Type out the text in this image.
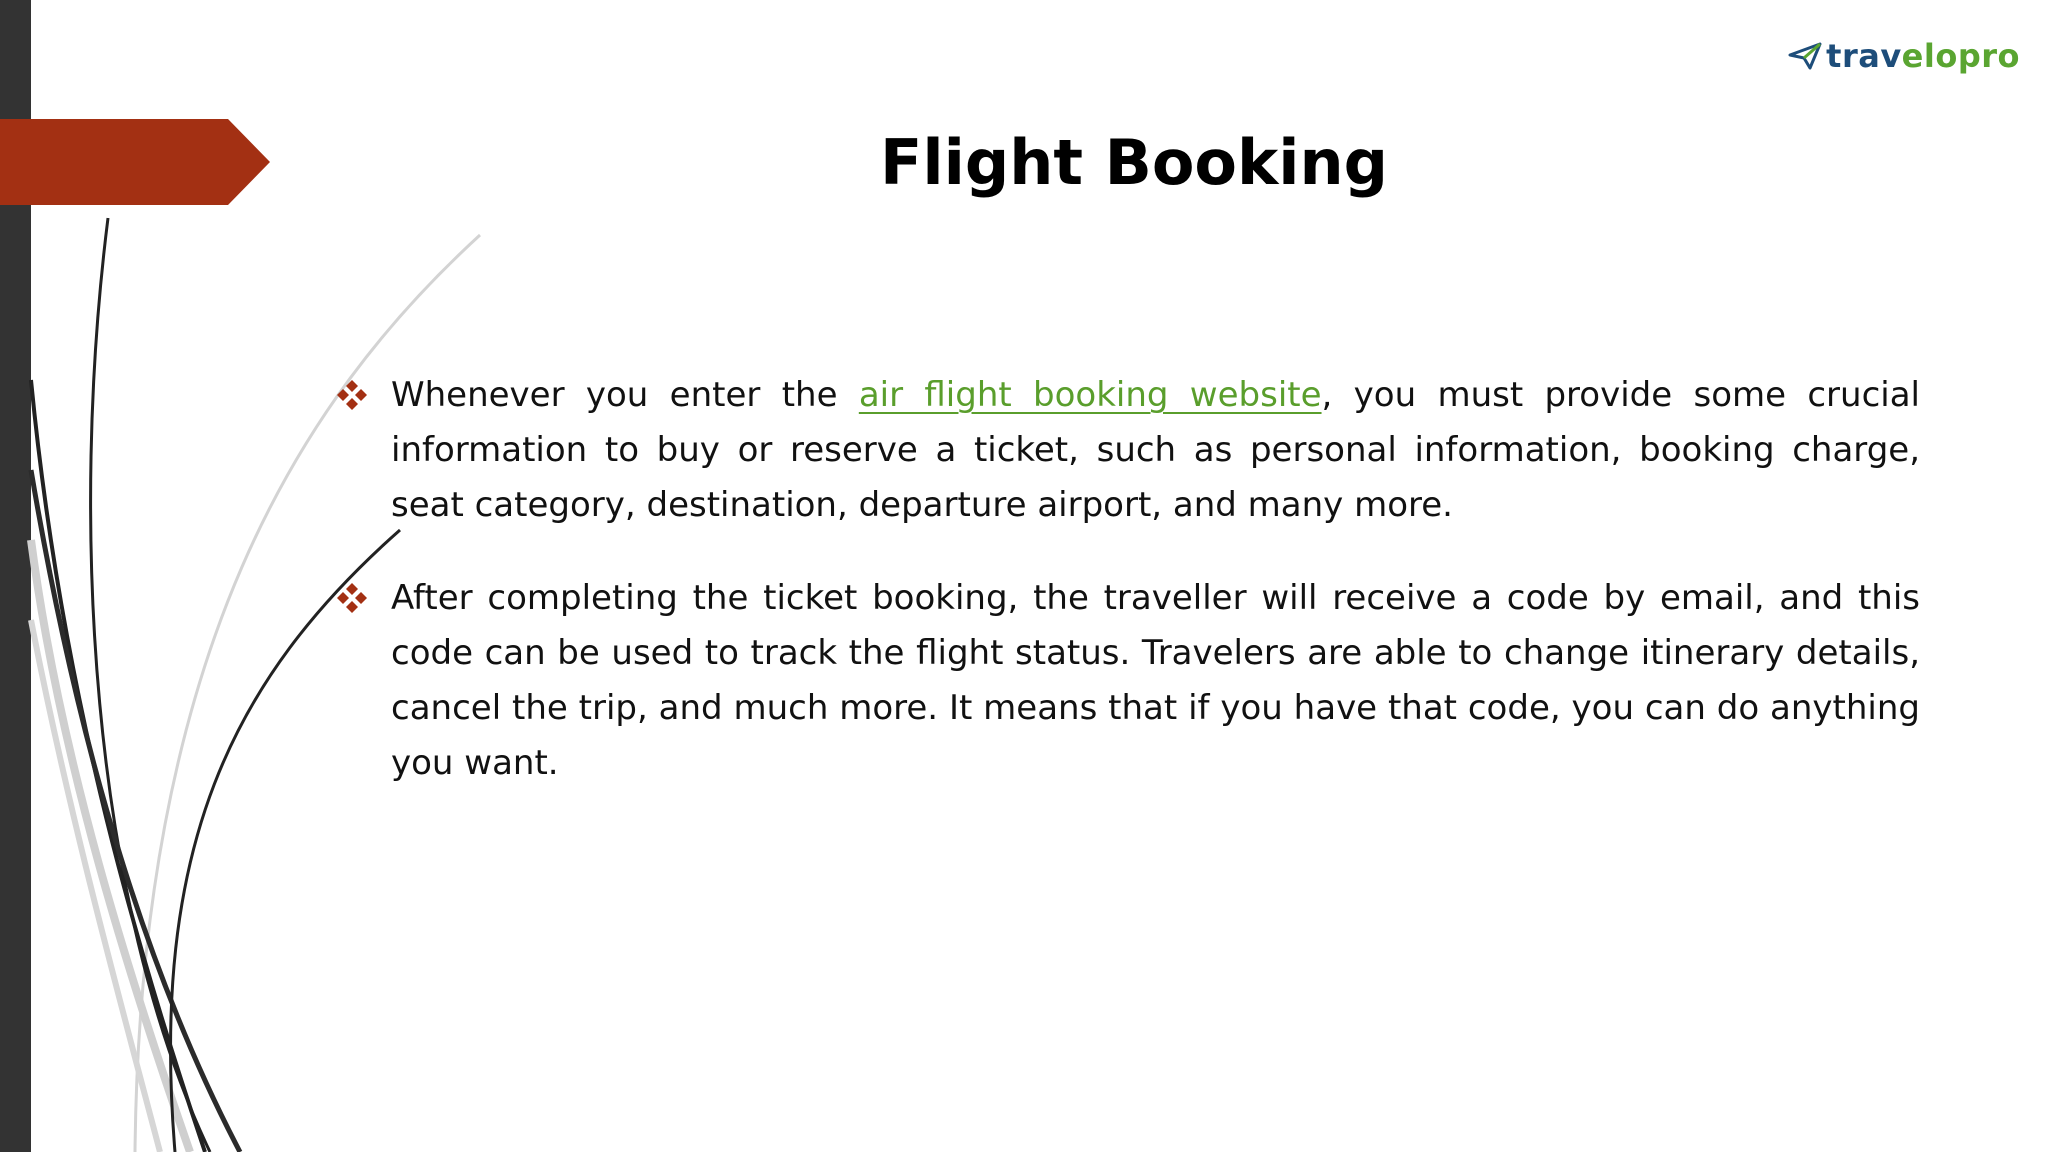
travelopro
Flight Booking
Whenever you enter the air flight booking website, you must provide some crucial information to buy or reserve a ticket, such as personal information, booking charge, seat category, destination, departure airport, and many more.
After completing the ticket booking, the traveller will receive a code by email, and this code can be used to track the flight status. Travelers are able to change itinerary details, cancel the trip, and much more. It means that if you have that code, you can do anything you want.
